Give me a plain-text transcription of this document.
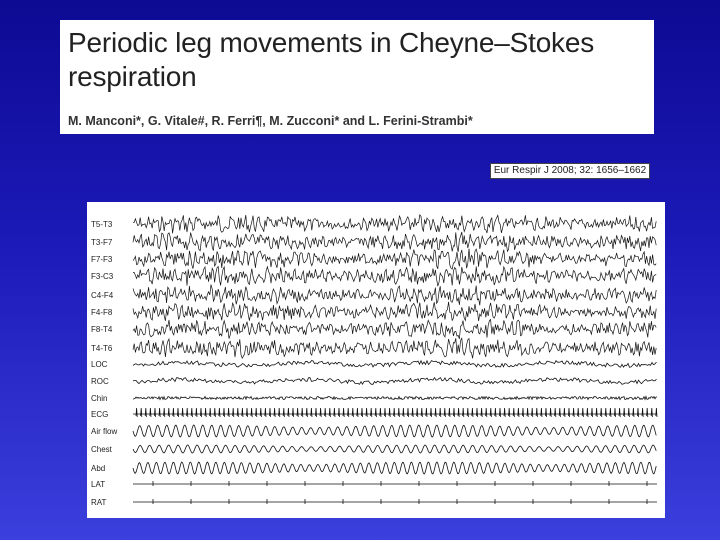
Periodic leg movements in Cheyne–Stokes respiration
M. Manconi*, G. Vitale#, R. Ferri¶, M. Zucconi* and L. Ferini-Strambi*
Eur Respir J 2008; 32: 1656–1662
T5-T3
T3-F7
F7-F3
F3-C3
C4-F4
F4-F8
F8-T4
T4-T6
LOC
ROC
Chin
ECG
Air flow
Chest
Abd
LAT
RAT
